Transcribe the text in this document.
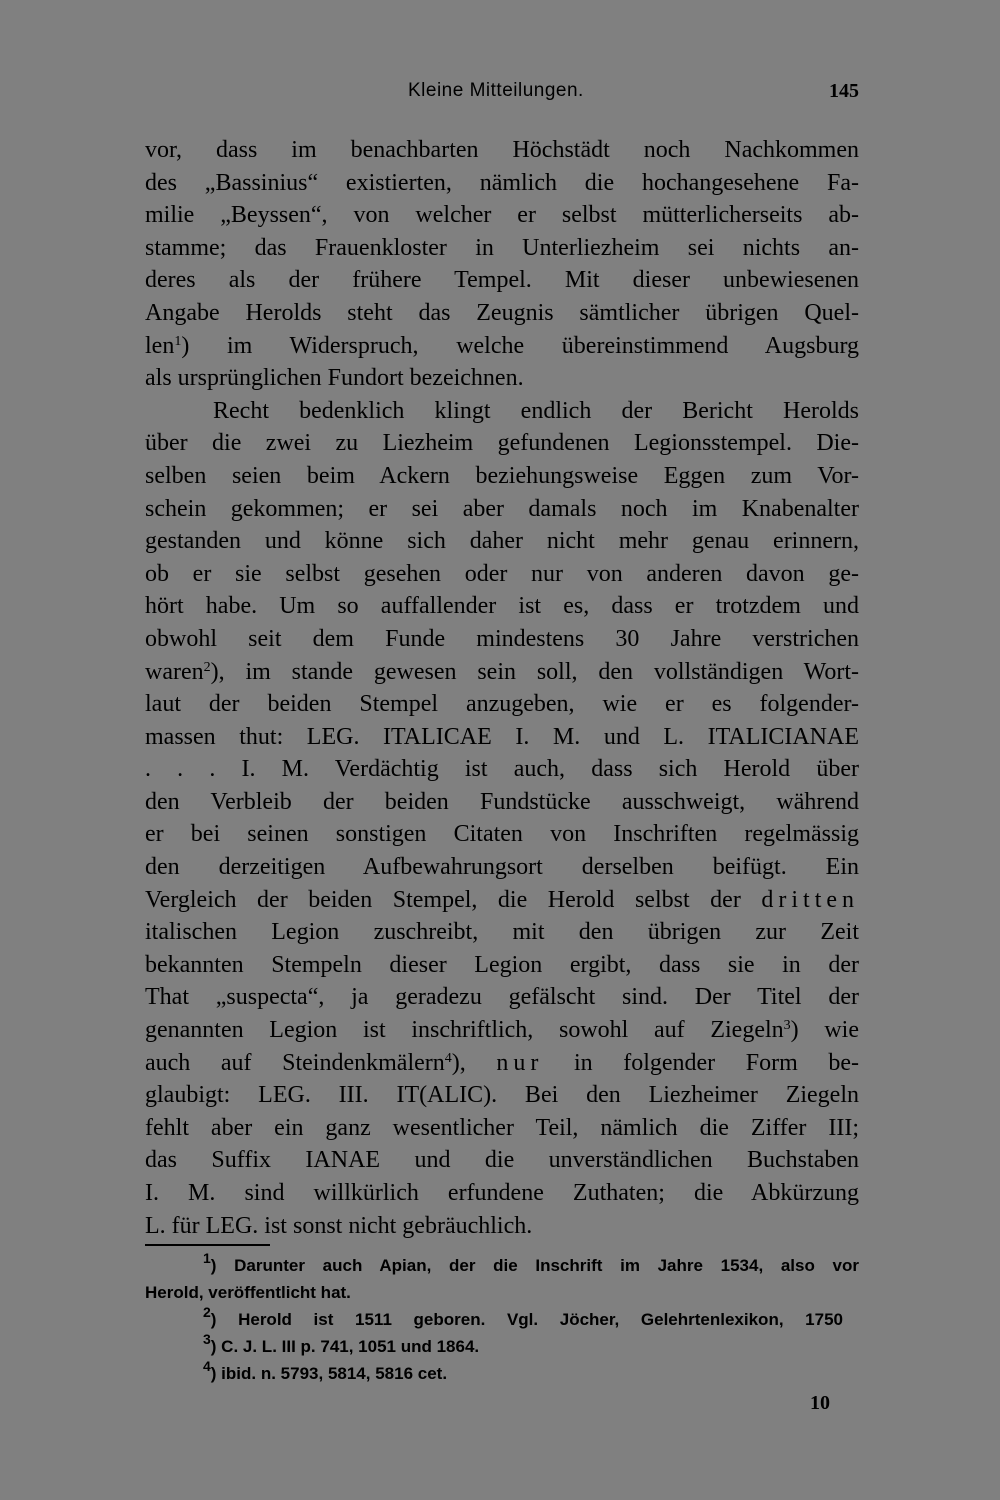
Kleine Mitteilungen.	145
vor, dass im benachbarten Höchstädt noch Nachkommen
des „Bassinius“ existierten, nämlich die hochangesehene Fa-
milie „Beyssen“, von welcher er selbst mütterlicherseits ab-
stamme; das Frauenkloster in Unterliezheim sei nichts an-
deres als der frühere Tempel. Mit dieser unbewiesenen
Angabe Herolds steht das Zeugnis sämtlicher übrigen Quel-
len$^1$) im Widerspruch, welche übereinstimmend Augsburg
als ursprünglichen Fundort bezeichnen.
Recht bedenklich klingt endlich der Bericht Herolds
über die zwei zu Liezheim gefundenen Legionsstempel. Die-
selben seien beim Ackern beziehungsweise Eggen zum Vor-
schein gekommen; er sei aber damals noch im Knabenalter
gestanden und könne sich daher nicht mehr genau erinnern,
ob er sie selbst gesehen oder nur von anderen davon ge-
hört habe. Um so auffallender ist es, dass er trotzdem und
obwohl seit dem Funde mindestens 30 Jahre verstrichen
waren$^2$), im stande gewesen sein soll, den vollständigen Wort-
laut der beiden Stempel anzugeben, wie er es folgender-
massen thut: LEG. ITALICAE I. M. und L. ITALICIANAE
. . . I. M. Verdächtig ist auch, dass sich Herold über
den Verbleib der beiden Fundstücke ausschweigt, während
er bei seinen sonstigen Citaten von Inschriften regelmässig
den derzeitigen Aufbewahrungsort derselben beifügt. Ein
Vergleich der beiden Stempel, die Herold selbst der dritten
italischen Legion zuschreibt, mit den übrigen zur Zeit
bekannten Stempeln dieser Legion ergibt, dass sie in der
That „suspecta“, ja geradezu gefälscht sind. Der Titel der
genannten Legion ist inschriftlich, sowohl auf Ziegeln$^3$) wie
auch auf Steindenkmälern$^4$), nur in folgender Form be-
glaubigt: LEG. III. IT(ALIC). Bei den Liezheimer Ziegeln
fehlt aber ein ganz wesentlicher Teil, nämlich die Ziffer III;
das Suffix IANAE und die unverständlichen Buchstaben
I. M. sind willkürlich erfundene Zuthaten; die Abkürzung
L. für LEG. ist sonst nicht gebräuchlich.
$^1$) Darunter auch Apian, der die Inschrift im Jahre 1534, also vor
Herold, veröffentlicht hat.
$^2$) Herold ist 1511 geboren. Vgl. Jöcher, Gelehrtenlexikon, 1750
$^3$) C. J. L. III p. 741, 1051 und 1864.
$^4$) ibid. n. 5793, 5814, 5816 cet.
10
